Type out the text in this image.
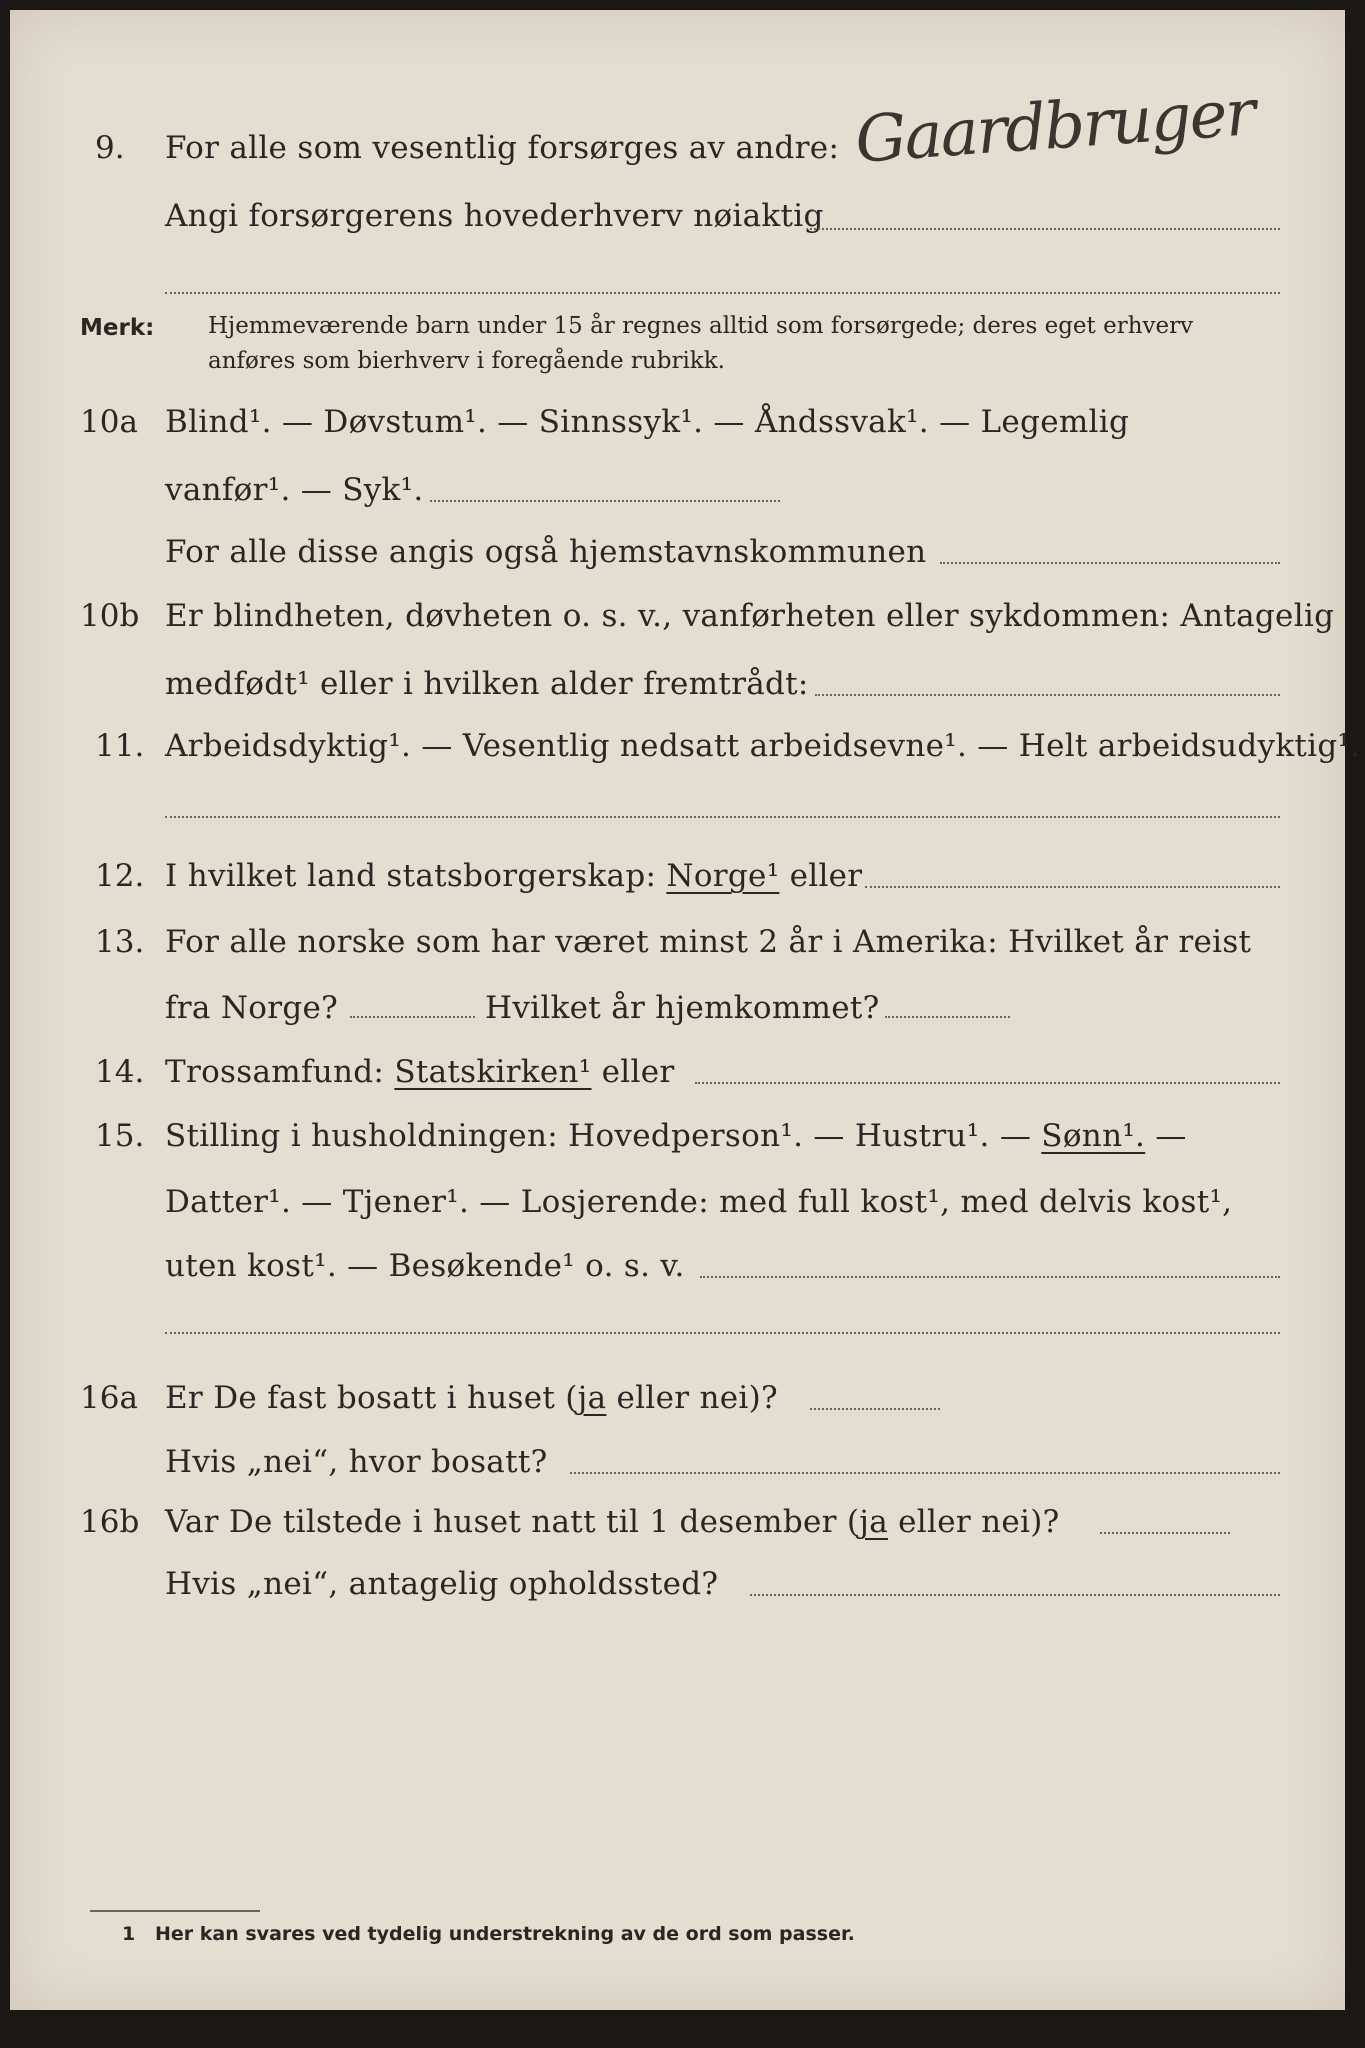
9. For alle som vesentlig forsørges av andre: Gaardbruger
Angi forsørgerens hovederhverv nøiaktig
Merk: Hjemmeværende barn under 15 år regnes alltid som forsørgede; deres eget erhverv
anføres som bierhverv i foregående rubrikk.
10a Blind¹. — Døvstum¹. — Sinnssyk¹. — Åndssvak¹. — Legemlig
vanfør¹. — Syk¹.
For alle disse angis også hjemstavnskommunen
10b Er blindheten, døvheten o. s. v., vanførheten eller sykdommen: Antagelig
medfødt¹ eller i hvilken alder fremtrådt:
11. Arbeidsdyktig¹. — Vesentlig nedsatt arbeidsevne¹. — Helt arbeidsudyktig¹.
12. I hvilket land statsborgerskap: Norge¹ eller
13. For alle norske som har været minst 2 år i Amerika: Hvilket år reist
fra Norge?	Hvilket år hjemkommet?
14. Trossamfund: Statskirken¹ eller
15. Stilling i husholdningen: Hovedperson¹. — Hustru¹. — Sønn¹. —
Datter¹. — Tjener¹. — Losjerende: med full kost¹, med delvis kost¹,
uten kost¹. — Besøkende¹ o. s. v.
16a Er De fast bosatt i huset (ja eller nei)?
Hvis „nei“, hvor bosatt?
16b Var De tilstede i huset natt til 1 desember (ja eller nei)?
Hvis „nei“, antagelig opholdssted?
1 Her kan svares ved tydelig understrekning av de ord som passer.
